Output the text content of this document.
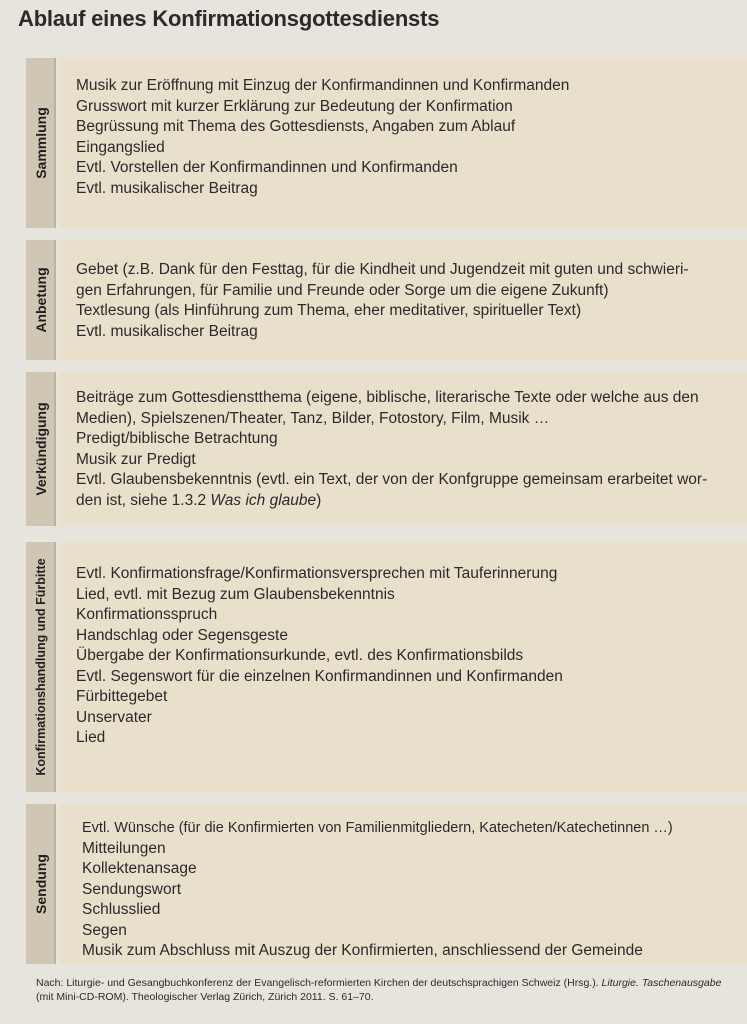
Ablauf eines Konfirmationsgottesdiensts
Sammlung
Musik zur Eröffnung mit Einzug der Konfirmandinnen und Konfirmanden
Grusswort mit kurzer Erklärung zur Bedeutung der Konfirmation
Begrüssung mit Thema des Gottesdiensts, Angaben zum Ablauf
Eingangslied
Evtl. Vorstellen der Konfirmandinnen und Konfirmanden
Evtl. musikalischer Beitrag
Anbetung Gebet (z.B. Dank für den Festtag, für die Kindheit und Jugendzeit mit guten und schwieri-
gen Erfahrungen, für Familie und Freunde oder Sorge um die eigene Zukunft)
Textlesung (als Hinführung zum Thema, eher meditativer, spiritueller Text)
Evtl. musikalischer Beitrag
Verkündigung
Beiträge zum Gottesdienstthema (eigene, biblische, literarische Texte oder welche aus den
Medien), Spielszenen/Theater, Tanz, Bilder, Fotostory, Film, Musik …
Predigt/biblische Betrachtung
Musik zur Predigt
Evtl. Glaubensbekenntnis (evtl. ein Text, der von der Konfgruppe gemeinsam erarbeitet wor-
den ist, siehe 1.3.2 Was ich glaube)
Konfirmationshandlung und Fürbitte Evtl. Konfirmationsfrage/Konfirmationsversprechen mit Tauferinnerung
Lied, evtl. mit Bezug zum Glaubensbekenntnis
Konfirmationsspruch
Handschlag oder Segensgeste
Übergabe der Konfirmationsurkunde, evtl. des Konfirmationsbilds
Evtl. Segenswort für die einzelnen Konfirmandinnen und Konfirmanden
Fürbittegebet
Unservater
Lied
Sendung
Evtl. Wünsche (für die Konfirmierten von Familienmitgliedern, Katecheten/Katechetinnen …)
Mitteilungen
Kollektenansage
Sendungswort
Schlusslied
Segen
Musik zum Abschluss mit Auszug der Konfirmierten, anschliessend der Gemeinde
Nach: Liturgie- und Gesangbuchkonferenz der Evangelisch-reformierten Kirchen der deutschsprachigen Schweiz (Hrsg.). Liturgie. Taschenausgabe (mit Mini-CD-ROM). Theologischer Verlag Zürich, Zürich 2011. S. 61–70.
